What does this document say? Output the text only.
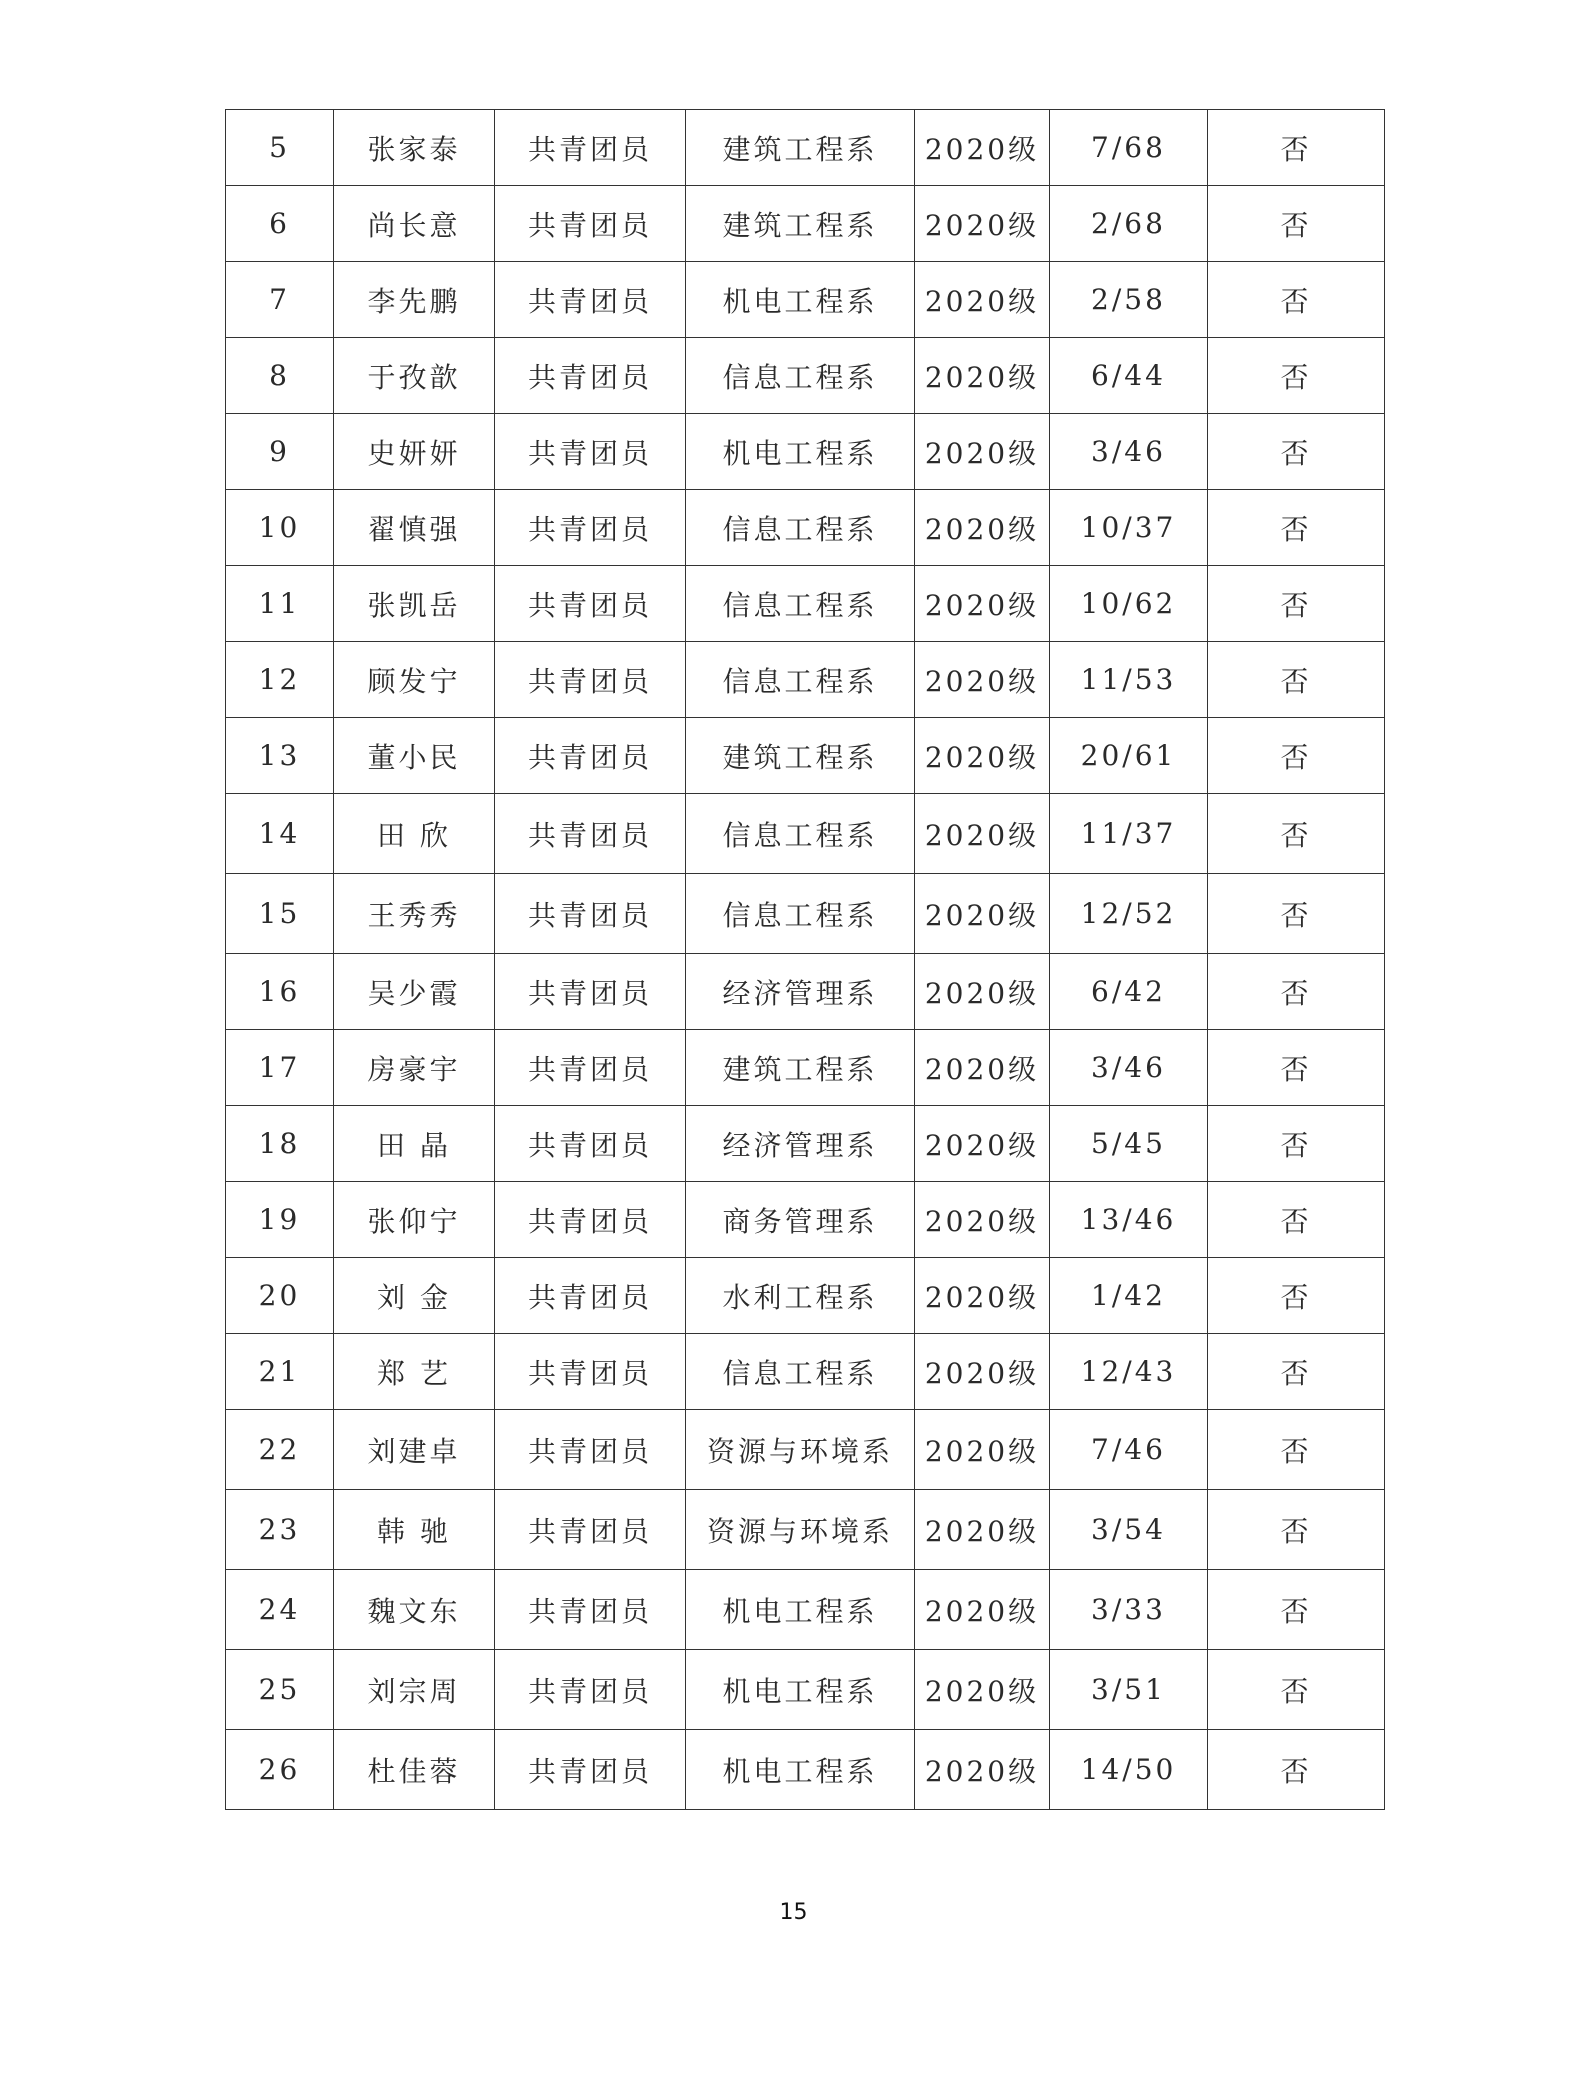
5	张家泰	共青团员	建筑工程系	2020级	7/68	否
6	尚长意	共青团员	建筑工程系	2020级	2/68	否
7	李先鹏	共青团员	机电工程系	2020级	2/58	否
8	于孜歆	共青团员	信息工程系	2020级	6/44	否
9	史妍妍	共青团员	机电工程系	2020级	3/46	否
10	翟慎强	共青团员	信息工程系	2020级	10/37	否
11	张凯岳	共青团员	信息工程系	2020级	10/62	否
12	顾发宁	共青团员	信息工程系	2020级	11/53	否
13	董小民	共青团员	建筑工程系	2020级	20/61	否
14	田 欣	共青团员	信息工程系	2020级	11/37	否
15	王秀秀	共青团员	信息工程系	2020级	12/52	否
16	吴少霞	共青团员	经济管理系	2020级	6/42	否
17	房豪宇	共青团员	建筑工程系	2020级	3/46	否
18	田 晶	共青团员	经济管理系	2020级	5/45	否
19	张仰宁	共青团员	商务管理系	2020级	13/46	否
20	刘 金	共青团员	水利工程系	2020级	1/42	否
21	郑 艺	共青团员	信息工程系	2020级	12/43	否
22	刘建卓	共青团员	资源与环境系	2020级	7/46	否
23	韩 驰	共青团员	资源与环境系	2020级	3/54	否
24	魏文东	共青团员	机电工程系	2020级	3/33	否
25	刘宗周	共青团员	机电工程系	2020级	3/51	否
26	杜佳蓉	共青团员	机电工程系	2020级	14/50	否
15
